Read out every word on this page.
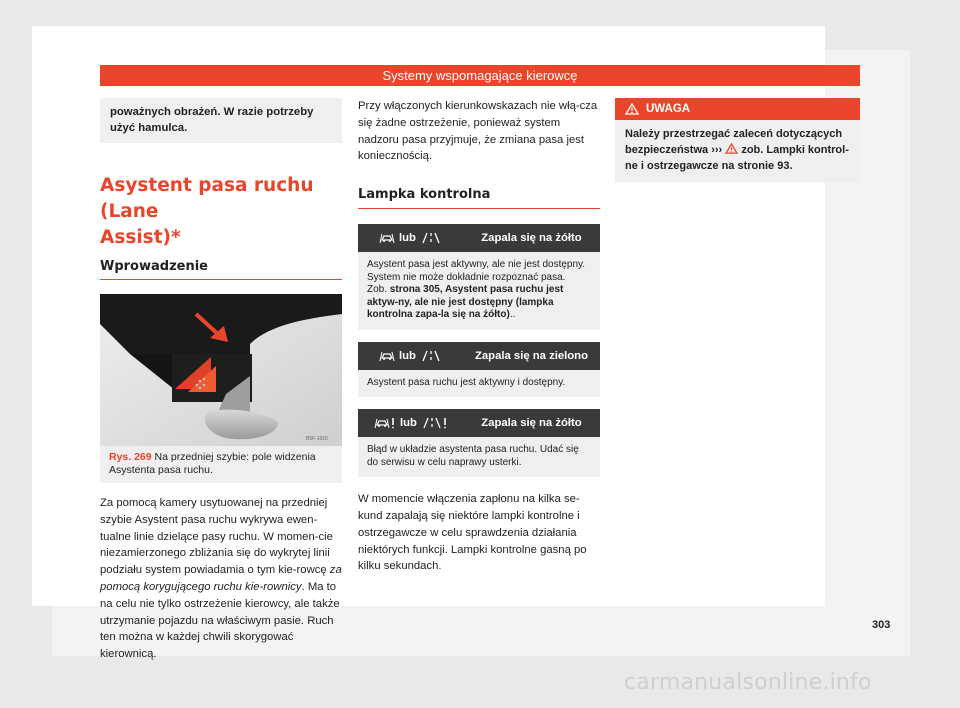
Systemy wspomagające kierowcę
poważnych obrażeń. W razie potrzeby użyć hamulca.
Asystent pasa ruchu (Lane
Assist)*
Wprowadzenie
B5F-1016
Rys. 269 Na przedniej szybie: pole widzenia Asystenta pasa ruchu.
Za pomocą kamery usytuowanej na przedniej szybie Asystent pasa ruchu wykrywa ewen-tualne linie dzielące pasy ruchu. W momen-cie niezamierzonego zbliżania się do wykrytej linii podziału system powiadamia o tym kie-rowcę za pomocą korygującego ruchu kie-rownicy. Ma to na celu nie tylko ostrzeżenie kierowcy, ale także utrzymanie pojazdu na właściwym pasie. Ruch ten można w każdej chwili skorygować kierownicą.
Przy włączonych kierunkowskazach nie włą-cza się żadne ostrzeżenie, ponieważ system nadzoru pasa przyjmuje, że zmiana pasa jest koniecznością.
Lampka kontrolna
lub	Zapala się na żółto
Asystent pasa jest aktywny, ale nie jest dostępny. System nie może dokładnie rozpoznać pasa.
Zob. strona 305, Asystent pasa ruchu jest aktyw-ny, ale nie jest dostępny (lampka kontrolna zapa-la się na żółto)..
lub	Zapala się na zielono
Asystent pasa ruchu jest aktywny i dostępny.
lub	Zapala się na żółto
Błąd w układzie asystenta pasa ruchu. Udać się do serwisu w celu naprawy usterki.
W momencie włączenia zapłonu na kilka se-kund zapalają się niektóre lampki kontrolne i ostrzegawcze w celu sprawdzenia działania niektórych funkcji. Lampki kontrolne gasną po kilku sekundach.
UWAGA
Należy przestrzegać zaleceń dotyczących bezpieczeństwa ››› zob. Lampki kontrol-ne i ostrzegawcze na stronie 93.
303
carmanualsonline.info
